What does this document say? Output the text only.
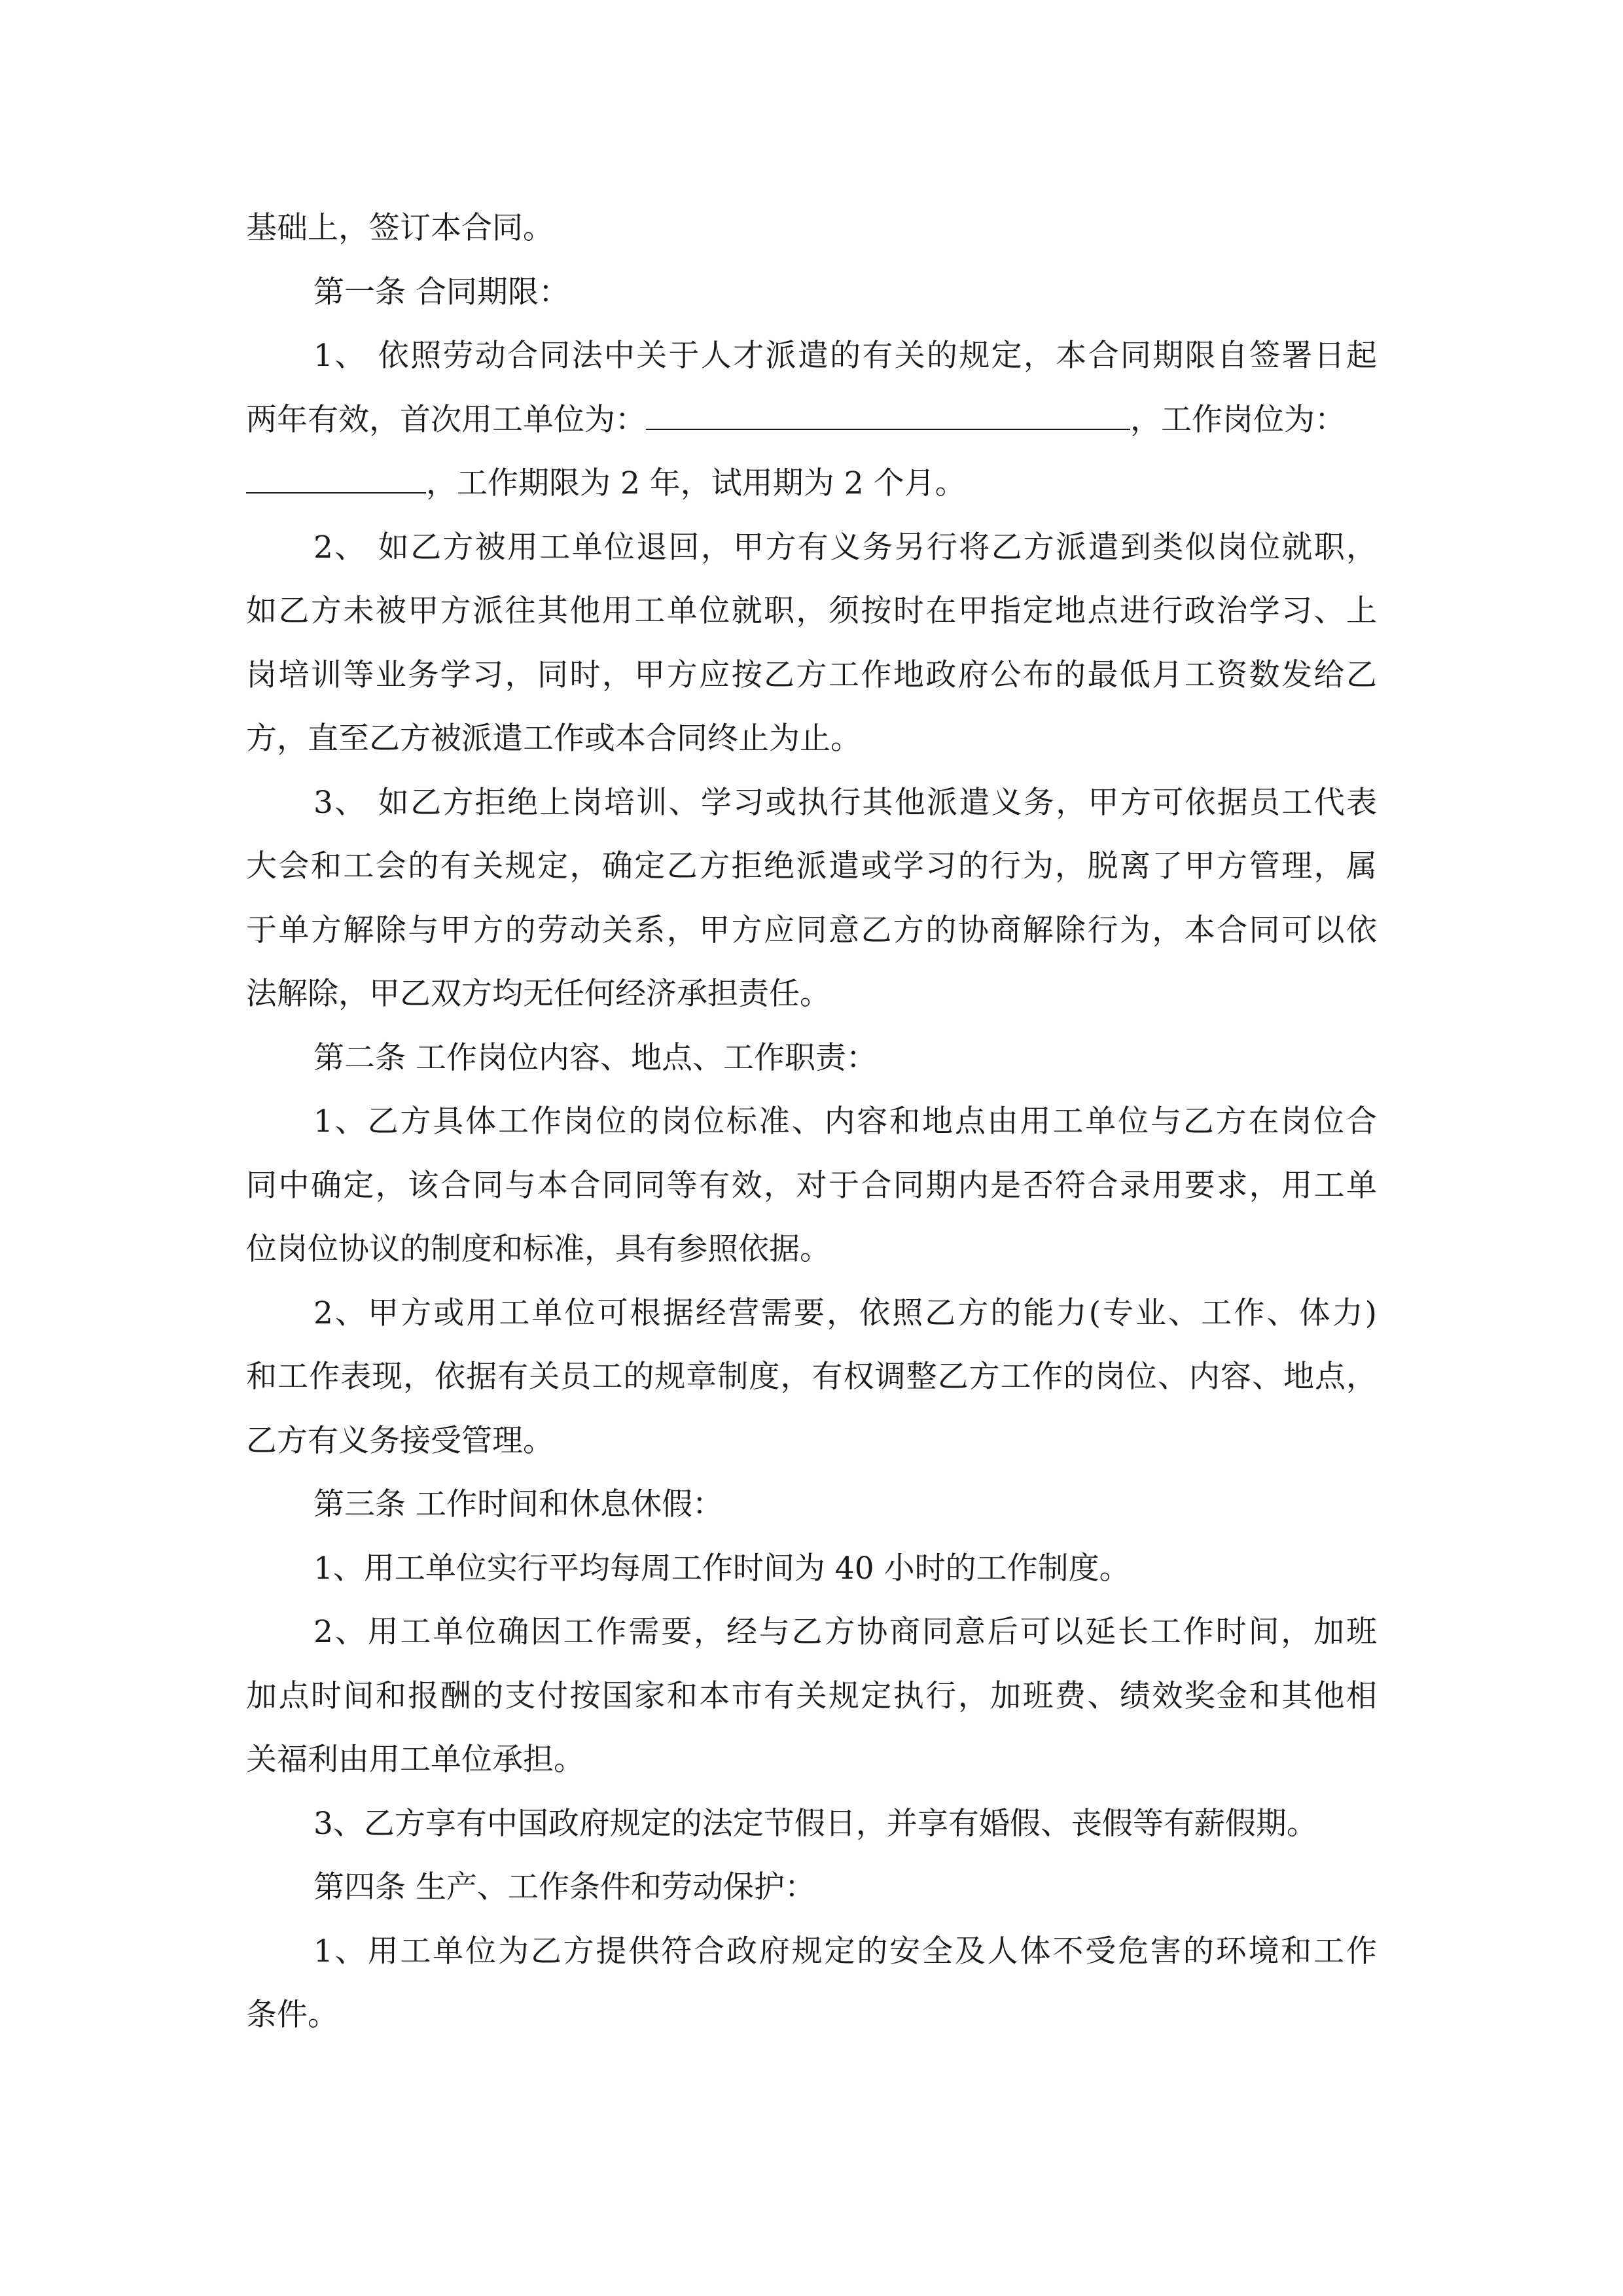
基础上，签订本合同。
第一条 合同期限：
1、 依照劳动合同法中关于人才派遣的有关的规定，本合同期限自签署日起
两年有效，首次用工单位为：	，工作岗位为：
，工作期限为 2 年，试用期为 2 个月。
2、 如乙方被用工单位退回，甲方有义务另行将乙方派遣到类似岗位就职，
如乙方未被甲方派往其他用工单位就职，须按时在甲指定地点进行政治学习、上
岗培训等业务学习，同时，甲方应按乙方工作地政府公布的最低月工资数发给乙
方，直至乙方被派遣工作或本合同终止为止。
3、 如乙方拒绝上岗培训、学习或执行其他派遣义务，甲方可依据员工代表
大会和工会的有关规定，确定乙方拒绝派遣或学习的行为，脱离了甲方管理，属
于单方解除与甲方的劳动关系，甲方应同意乙方的协商解除行为，本合同可以依
法解除，甲乙双方均无任何经济承担责任。
第二条 工作岗位内容、地点、工作职责：
1、乙方具体工作岗位的岗位标准、内容和地点由用工单位与乙方在岗位合
同中确定，该合同与本合同同等有效，对于合同期内是否符合录用要求，用工单
位岗位协议的制度和标准，具有参照依据。
2、甲方或用工单位可根据经营需要，依照乙方的能力(专业、工作、体力)
和工作表现，依据有关员工的规章制度，有权调整乙方工作的岗位、内容、地点，
乙方有义务接受管理。
第三条 工作时间和休息休假：
1、用工单位实行平均每周工作时间为 40 小时的工作制度。
2、用工单位确因工作需要，经与乙方协商同意后可以延长工作时间，加班
加点时间和报酬的支付按国家和本市有关规定执行，加班费、绩效奖金和其他相
关福利由用工单位承担。
3、乙方享有中国政府规定的法定节假日，并享有婚假、丧假等有薪假期。
第四条 生产、工作条件和劳动保护：
1、用工单位为乙方提供符合政府规定的安全及人体不受危害的环境和工作
条件。
